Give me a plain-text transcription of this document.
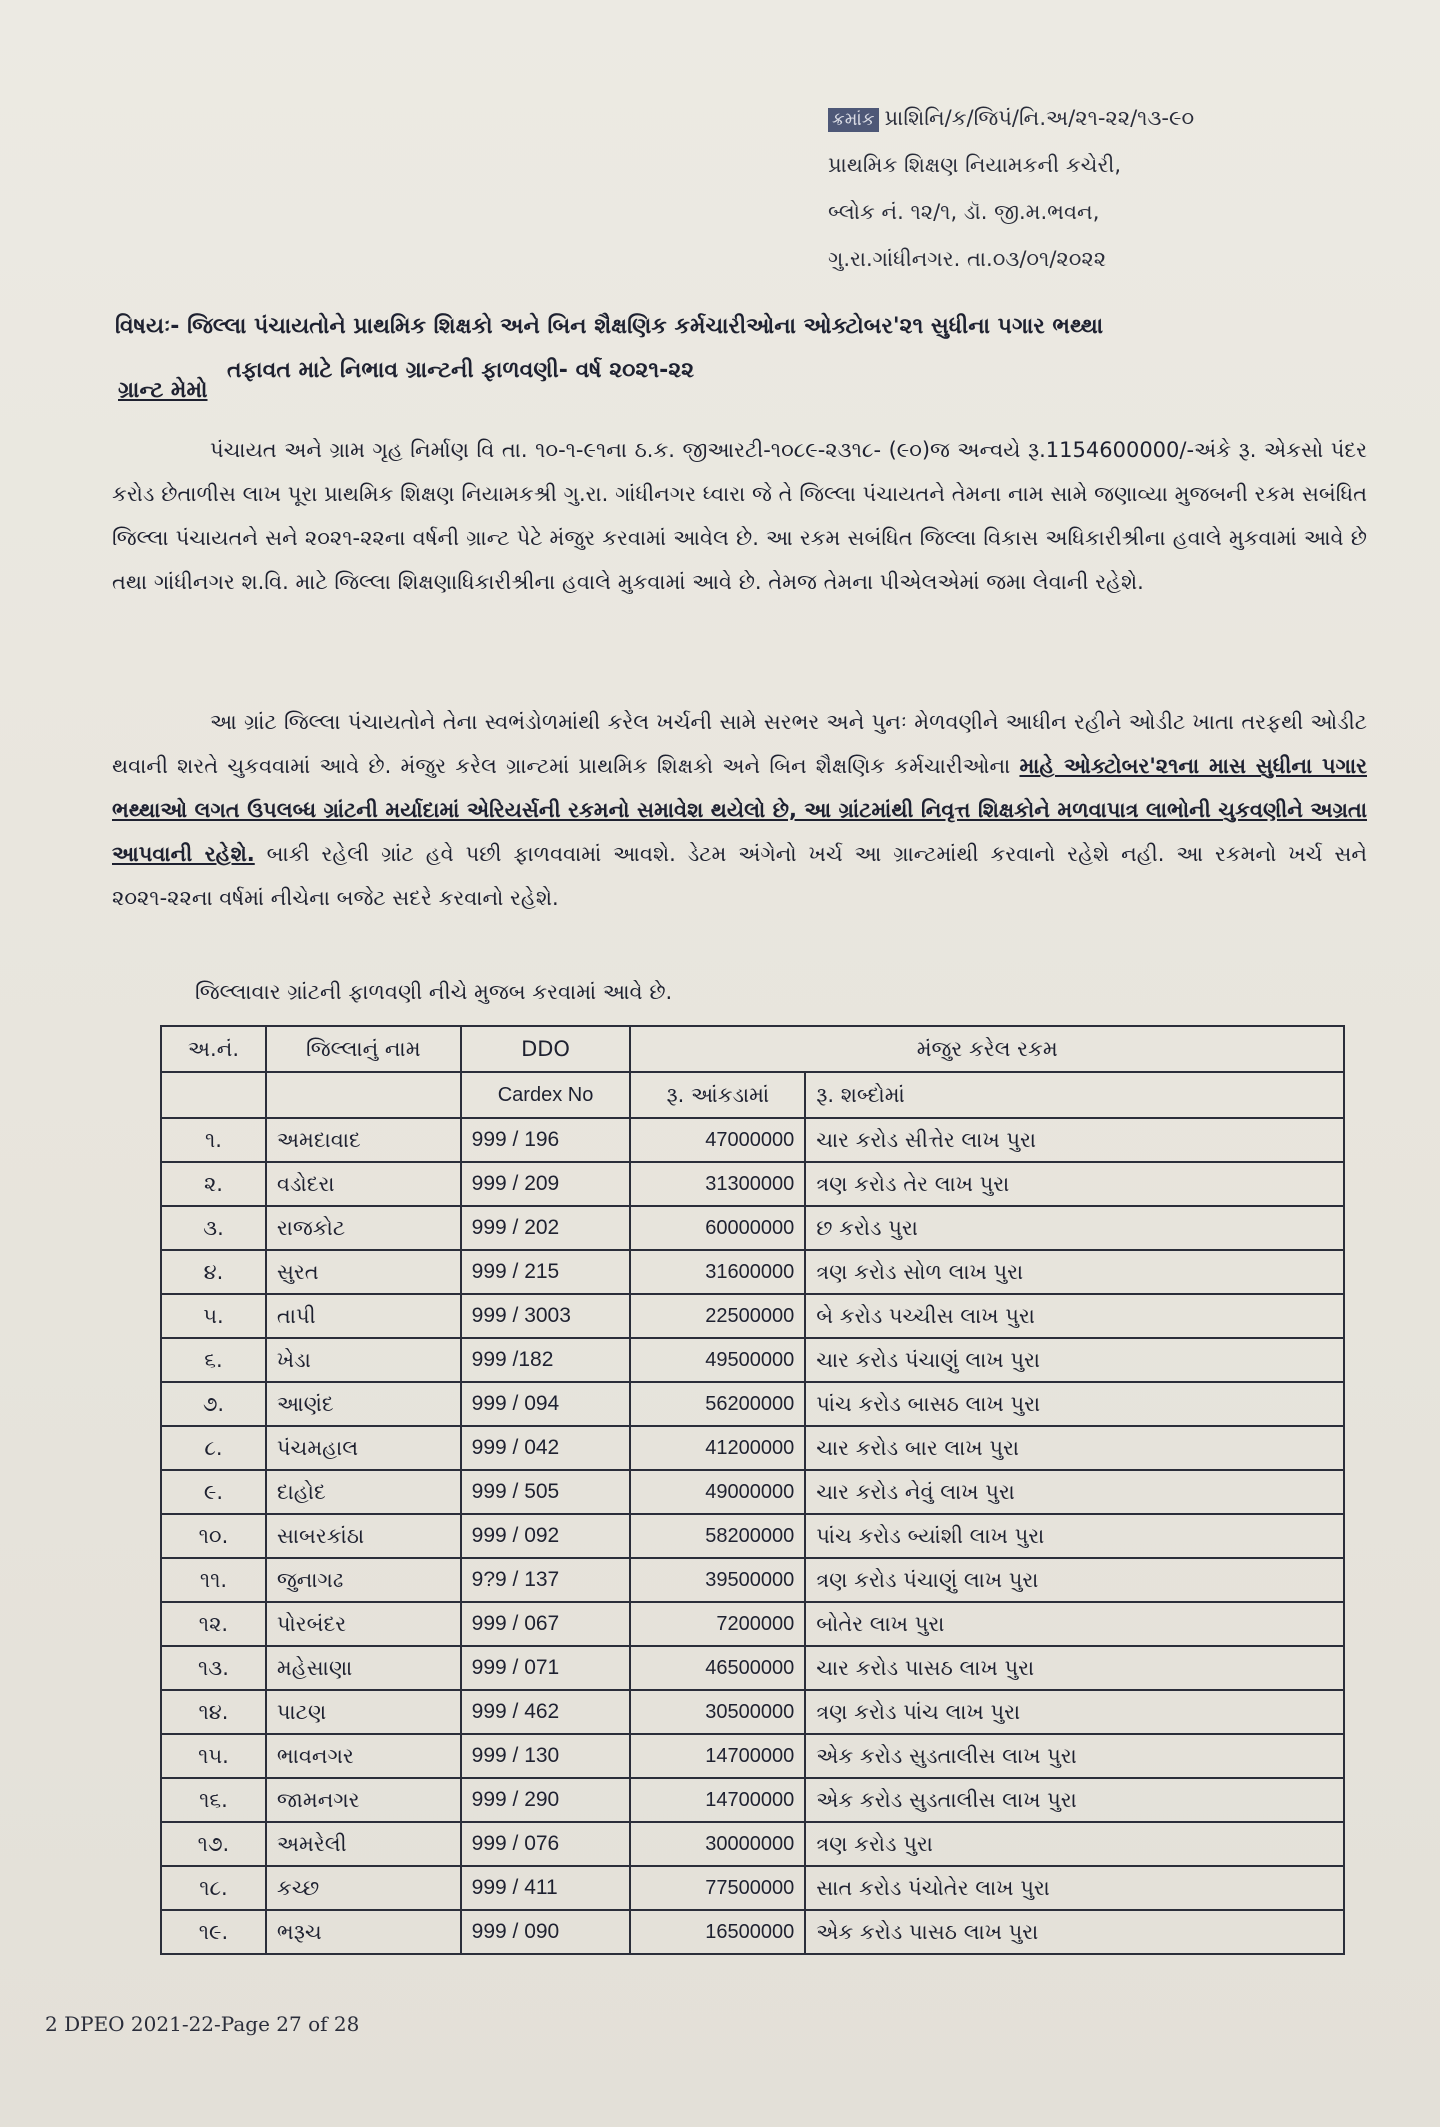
ક્રમાંક પ્રાશિનિ/ક/જિપં/નિ.અ/૨૧-૨૨/૧૩-૯૦
પ્રાથમિક શિક્ષણ નિયામકની કચેરી,
બ્લોક નં. ૧૨/૧, ડૉ. જી.મ.ભવન,
ગુ.રા.ગાંધીનગર. તા.૦૩/૦૧/૨૦૨૨
વિષયઃ- જિલ્લા પંચાયતોને પ્રાથમિક શિક્ષકો અને બિન શૈક્ષણિક કર્મચારીઓના ઓક્ટોબર'૨૧ સુધીના પગાર ભથ્થા
તફાવત માટે નિભાવ ગ્રાન્ટની ફાળવણી- વર્ષ ૨૦૨૧-૨૨
ગ્રાન્ટ મેમો
પંચાયત અને ગ્રામ ગૃહ નિર્માણ વિ તા. ૧૦-૧-૯૧ના ઠ.ક. જીઆરટી-૧૦૮૯-૨૩૧૮- (૯૦)જ અન્વયે રૂ.1154600000/-અંકે રૂ. એકસો પંદર કરોડ છેતાળીસ લાખ પૂરા પ્રાથમિક શિક્ષણ નિયામકશ્રી ગુ.રા. ગાંધીનગર ધ્વારા જે તે જિલ્લા પંચાયતને તેમના નામ સામે જણાવ્યા મુજબની રકમ સબંધિત જિલ્લા પંચાયતને સને ૨૦૨૧-૨૨ના વર્ષની ગ્રાન્ટ પેટે મંજુર કરવામાં આવેલ છે. આ રકમ સબંધિત જિલ્લા વિકાસ અધિકારીશ્રીના હવાલે મુકવામાં આવે છે તથા ગાંધીનગર શ.વિ. માટે જિલ્લા શિક્ષણાધિકારીશ્રીના હવાલે મુકવામાં આવે છે. તેમજ તેમના પીએલએમાં જમા લેવાની રહેશે.
આ ગ્રાંટ જિલ્લા પંચાયતોને તેના સ્વભંડોળમાંથી કરેલ ખર્ચની સામે સરભર અને પુનઃ મેળવણીને આધીન રહીને ઓડીટ ખાતા તરફથી ઓડીટ થવાની શરતે ચુકવવામાં આવે છે. મંજુર કરેલ ગ્રાન્ટમાં પ્રાથમિક શિક્ષકો અને બિન શૈક્ષણિક કર્મચારીઓના માહે ઓક્ટોબર'૨૧ના માસ સુધીના પગાર ભથ્થાઓ લગત ઉપલબ્ધ ગ્રાંટની મર્યાદામાં એરિયર્સની રકમનો સમાવેશ થયેલો છે, આ ગ્રાંટમાંથી નિવૃત્ત શિક્ષકોને મળવાપાત્ર લાભોની ચુકવણીને અગ્રતા આપવાની રહેશે. બાકી રહેલી ગ્રાંટ હવે પછી ફાળવવામાં આવશે. ડેટમ અંગેનો ખર્ચ આ ગ્રાન્ટમાંથી કરવાનો રહેશે નહી. આ રકમનો ખર્ચ સને ૨૦૨૧-૨૨ના વર્ષમાં નીચેના બજેટ સદરે કરવાનો રહેશે.
જિલ્લાવાર ગ્રાંટની ફાળવણી નીચે મુજબ કરવામાં આવે છે.
અ.નં.	જિલ્લાનું નામ	DDO	મંજુર કરેલ રકમ	
		Cardex No	રૂ. આંકડામાં	રૂ. શબ્દોમાં
૧.	અમદાવાદ	999 / 196	47000000	ચાર કરોડ સીત્તેર લાખ પુરા
૨.	વડોદરા	999 / 209	31300000	ત્રણ કરોડ તેર લાખ પુરા
૩.	રાજકોટ	999 / 202	60000000	છ કરોડ પુરા
૪.	સુરત	999 / 215	31600000	ત્રણ કરોડ સોળ લાખ પુરા
૫.	તાપી	999 / 3003	22500000	બે કરોડ પચ્ચીસ લાખ પુરા
૬.	ખેડા	999 /182	49500000	ચાર કરોડ પંચાણું લાખ પુરા
૭.	આણંદ	999 / 094	56200000	પાંચ કરોડ બાસઠ લાખ પુરા
૮.	પંચમહાલ	999 / 042	41200000	ચાર કરોડ બાર લાખ પુરા
૯.	દાહોદ	999 / 505	49000000	ચાર કરોડ નેવું લાખ પુરા
૧૦.	સાબરકાંઠા	999 / 092	58200000	પાંચ કરોડ બ્યાંશી લાખ પુરા
૧૧.	જુનાગઢ	9?9 / 137	39500000	ત્રણ કરોડ પંચાણું લાખ પુરા
૧૨.	પોરબંદર	999 / 067	7200000	બોતેર લાખ પુરા
૧૩.	મહેસાણા	999 / 071	46500000	ચાર કરોડ પાસઠ લાખ પુરા
૧૪.	પાટણ	999 / 462	30500000	ત્રણ કરોડ પાંચ લાખ પુરા
૧૫.	ભાવનગર	999 / 130	14700000	એક કરોડ સુડતાલીસ લાખ પુરા
૧૬.	જામનગર	999 / 290	14700000	એક કરોડ સુડતાલીસ લાખ પુરા
૧૭.	અમરેલી	999 / 076	30000000	ત્રણ કરોડ પુરા
૧૮.	કચ્છ	999 / 411	77500000	સાત કરોડ પંચોતેર લાખ પુરા
૧૯.	ભરૂચ	999 / 090	16500000	એક કરોડ પાસઠ લાખ પુરા
2 DPEO 2021-22-Page 27 of 28
